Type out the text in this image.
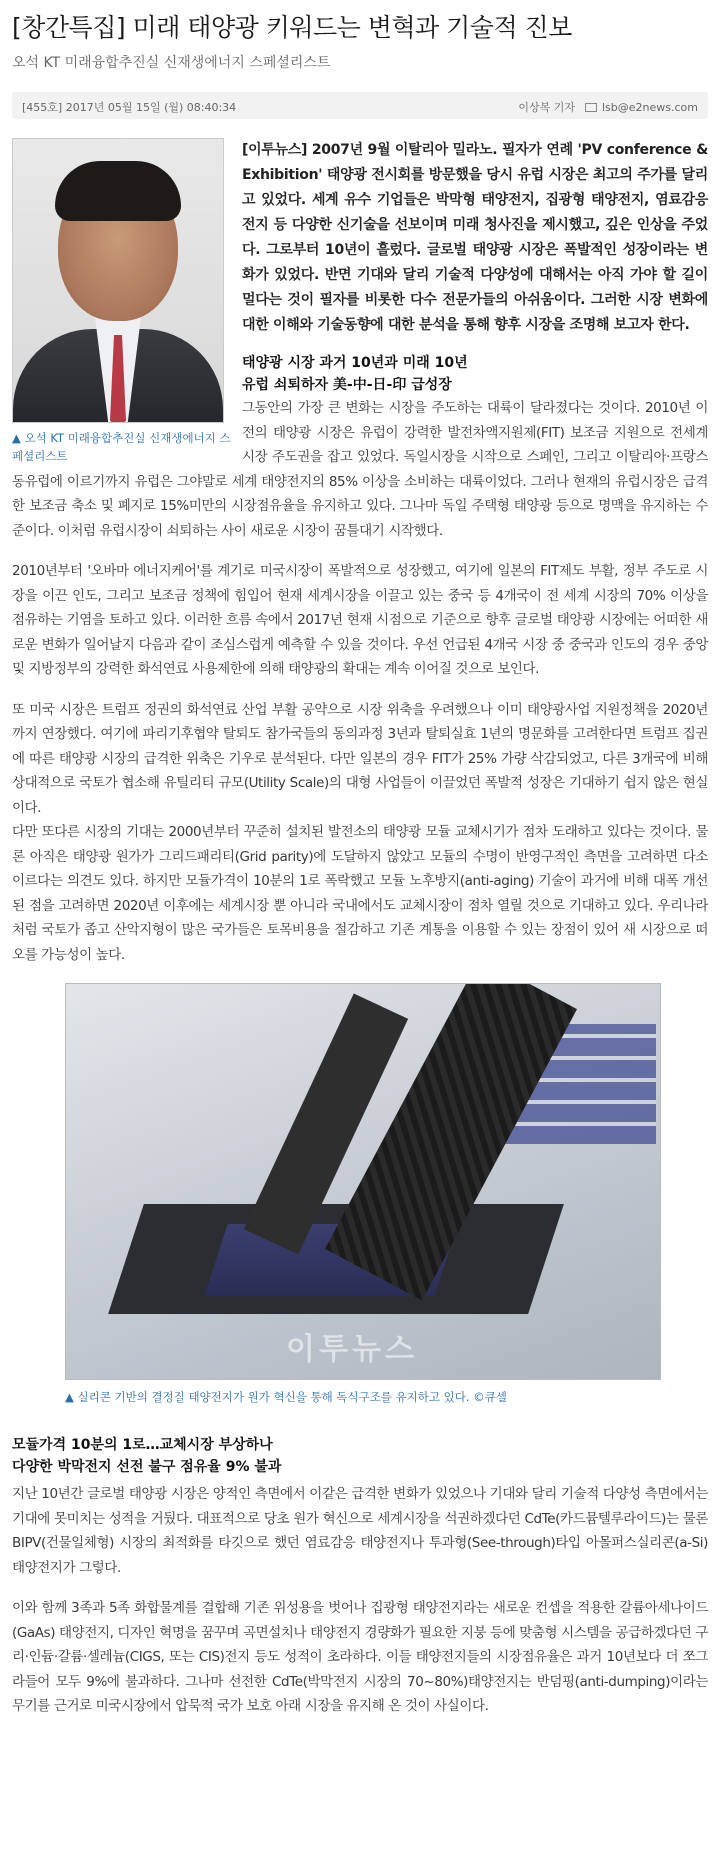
[창간특집] 미래 태양광 키워드는 변혁과 기술적 진보
오석 KT 미래융합추진실 신재생에너지 스페셜리스트
[455호] 2017년 05월 15일 (월) 08:40:34	이상복 기자 lsb@e2news.com
▲ 오석 KT 미래융합추진실 신재생에너지 스페셜리스트

[이투뉴스] 2007년 9월 이탈리아 밀라노. 필자가 연례 'PV conference & Exhibition' 태양광 전시회를 방문했을 당시 유럽 시장은 최고의 주가를 달리고 있었다. 세계 유수 기업들은 박막형 태양전지, 집광형 태양전지, 염료감응전지 등 다양한 신기술을 선보이며 미래 청사진을 제시했고, 깊은 인상을 주었다. 그로부터 10년이 흘렀다. 글로벌 태양광 시장은 폭발적인 성장이라는 변화가 있었다. 반면 기대와 달리 기술적 다양성에 대해서는 아직 가야 할 길이 멀다는 것이 필자를 비롯한 다수 전문가들의 아쉬움이다. 그러한 시장 변화에 대한 이해와 기술동향에 대한 분석을 통해 향후 시장을 조명해 보고자 한다.

태양광 시장 과거 10년과 미래 10년
유럽 쇠퇴하자 美-中-日-印 급성장

그동안의 가장 큰 변화는 시장을 주도하는 대륙이 달라졌다는 것이다. 2010년 이전의 태양광 시장은 유럽이 강력한 발전차액지원제(FIT) 보조금 지원으로 전세계 시장 주도권을 잡고 있었다. 독일시장을 시작으로 스페인, 그리고 이탈리아·프랑스 동유럽에 이르기까지 유럽은 그야말로 세계 태양전지의 85% 이상을 소비하는 대륙이었다. 그러나 현재의 유럽시장은 급격한 보조금 축소 및 폐지로 15%미만의 시장점유율을 유지하고 있다. 그나마 독일 주택형 태양광 등으로 명맥을 유지하는 수준이다. 이처럼 유럽시장이 쇠퇴하는 사이 새로운 시장이 꿈틀대기 시작했다.

2010년부터 '오바마 에너지케어'를 계기로 미국시장이 폭발적으로 성장했고, 여기에 일본의 FIT제도 부활, 정부 주도로 시장을 이끈 인도, 그리고 보조금 정책에 힘입어 현재 세계시장을 이끌고 있는 중국 등 4개국이 전 세계 시장의 70% 이상을 점유하는 기염을 토하고 있다. 이러한 흐름 속에서 2017년 현재 시점으로 기준으로 향후 글로벌 태양광 시장에는 어떠한 새로운 변화가 일어날지 다음과 같이 조심스럽게 예측할 수 있을 것이다. 우선 언급된 4개국 시장 중 중국과 인도의 경우 중앙 및 지방정부의 강력한 화석연료 사용제한에 의해 태양광의 확대는 계속 이어질 것으로 보인다.

또 미국 시장은 트럼프 정권의 화석연료 산업 부활 공약으로 시장 위축을 우려했으나 이미 태양광사업 지원정책을 2020년까지 연장했다. 여기에 파리기후협약 탈퇴도 참가국들의 동의과정 3년과 탈퇴실효 1년의 명문화를 고려한다면 트럼프 집권에 따른 태양광 시장의 급격한 위축은 기우로 분석된다. 다만 일본의 경우 FIT가 25% 가량 삭감되었고, 다른 3개국에 비해 상대적으로 국토가 협소해 유틸리티 규모(Utility Scale)의 대형 사업들이 이끌었던 폭발적 성장은 기대하기 쉽지 않은 현실이다.

다만 또다른 시장의 기대는 2000년부터 꾸준히 설치된 발전소의 태양광 모듈 교체시기가 점차 도래하고 있다는 것이다. 물론 아직은 태양광 원가가 그리드패리티(Grid parity)에 도달하지 않았고 모듈의 수명이 반영구적인 측면을 고려하면 다소 이르다는 의견도 있다. 하지만 모듈가격이 10분의 1로 폭락했고 모듈 노후방지(anti-aging) 기술이 과거에 비해 대폭 개선된 점을 고려하면 2020년 이후에는 세계시장 뿐 아니라 국내에서도 교체시장이 점차 열릴 것으로 기대하고 있다. 우리나라처럼 국토가 좁고 산악지형이 많은 국가들은 토목비용을 절감하고 기존 계통을 이용할 수 있는 장점이 있어 새 시장으로 떠오를 가능성이 높다.

이투뉴스
▲ 실리콘 기반의 결정질 태양전지가 원가 혁신을 통해 독식구조를 유지하고 있다. ©큐셀
모듈가격 10분의 1로…교체시장 부상하나
다양한 박막전지 선전 불구 점유율 9% 불과

지난 10년간 글로벌 태양광 시장은 양적인 측면에서 이같은 급격한 변화가 있었으나 기대와 달리 기술적 다양성 측면에서는 기대에 못미치는 성적을 거뒀다. 대표적으로 당초 원가 혁신으로 세계시장을 석권하겠다던 CdTe(카드뮴텔루라이드)는 물론 BIPV(건물일체형) 시장의 최적화를 타깃으로 했던 염료감응 태양전지나 투과형(See-through)타입 아몰퍼스실리콘(a-Si) 태양전지가 그렇다.

이와 함께 3족과 5족 화합물계를 결합해 기존 위성용을 벗어나 집광형 태양전지라는 새로운 컨셉을 적용한 갈륨아세나이드(GaAs) 태양전지, 디자인 혁명을 꿈꾸며 곡면설치나 태양전지 경량화가 필요한 지붕 등에 맞춤형 시스템을 공급하겠다던 구리·인듐·갈륨·셀레늄(CIGS, 또는 CIS)전지 등도 성적이 초라하다. 이들 태양전지들의 시장점유율은 과거 10년보다 더 쪼그라들어 모두 9%에 불과하다. 그나마 선전한 CdTe(박막전지 시장의 70~80%)태양전지는 반덤핑(anti-dumping)이라는 무기를 근거로 미국시장에서 압묵적 국가 보호 아래 시장을 유지해 온 것이 사실이다.
